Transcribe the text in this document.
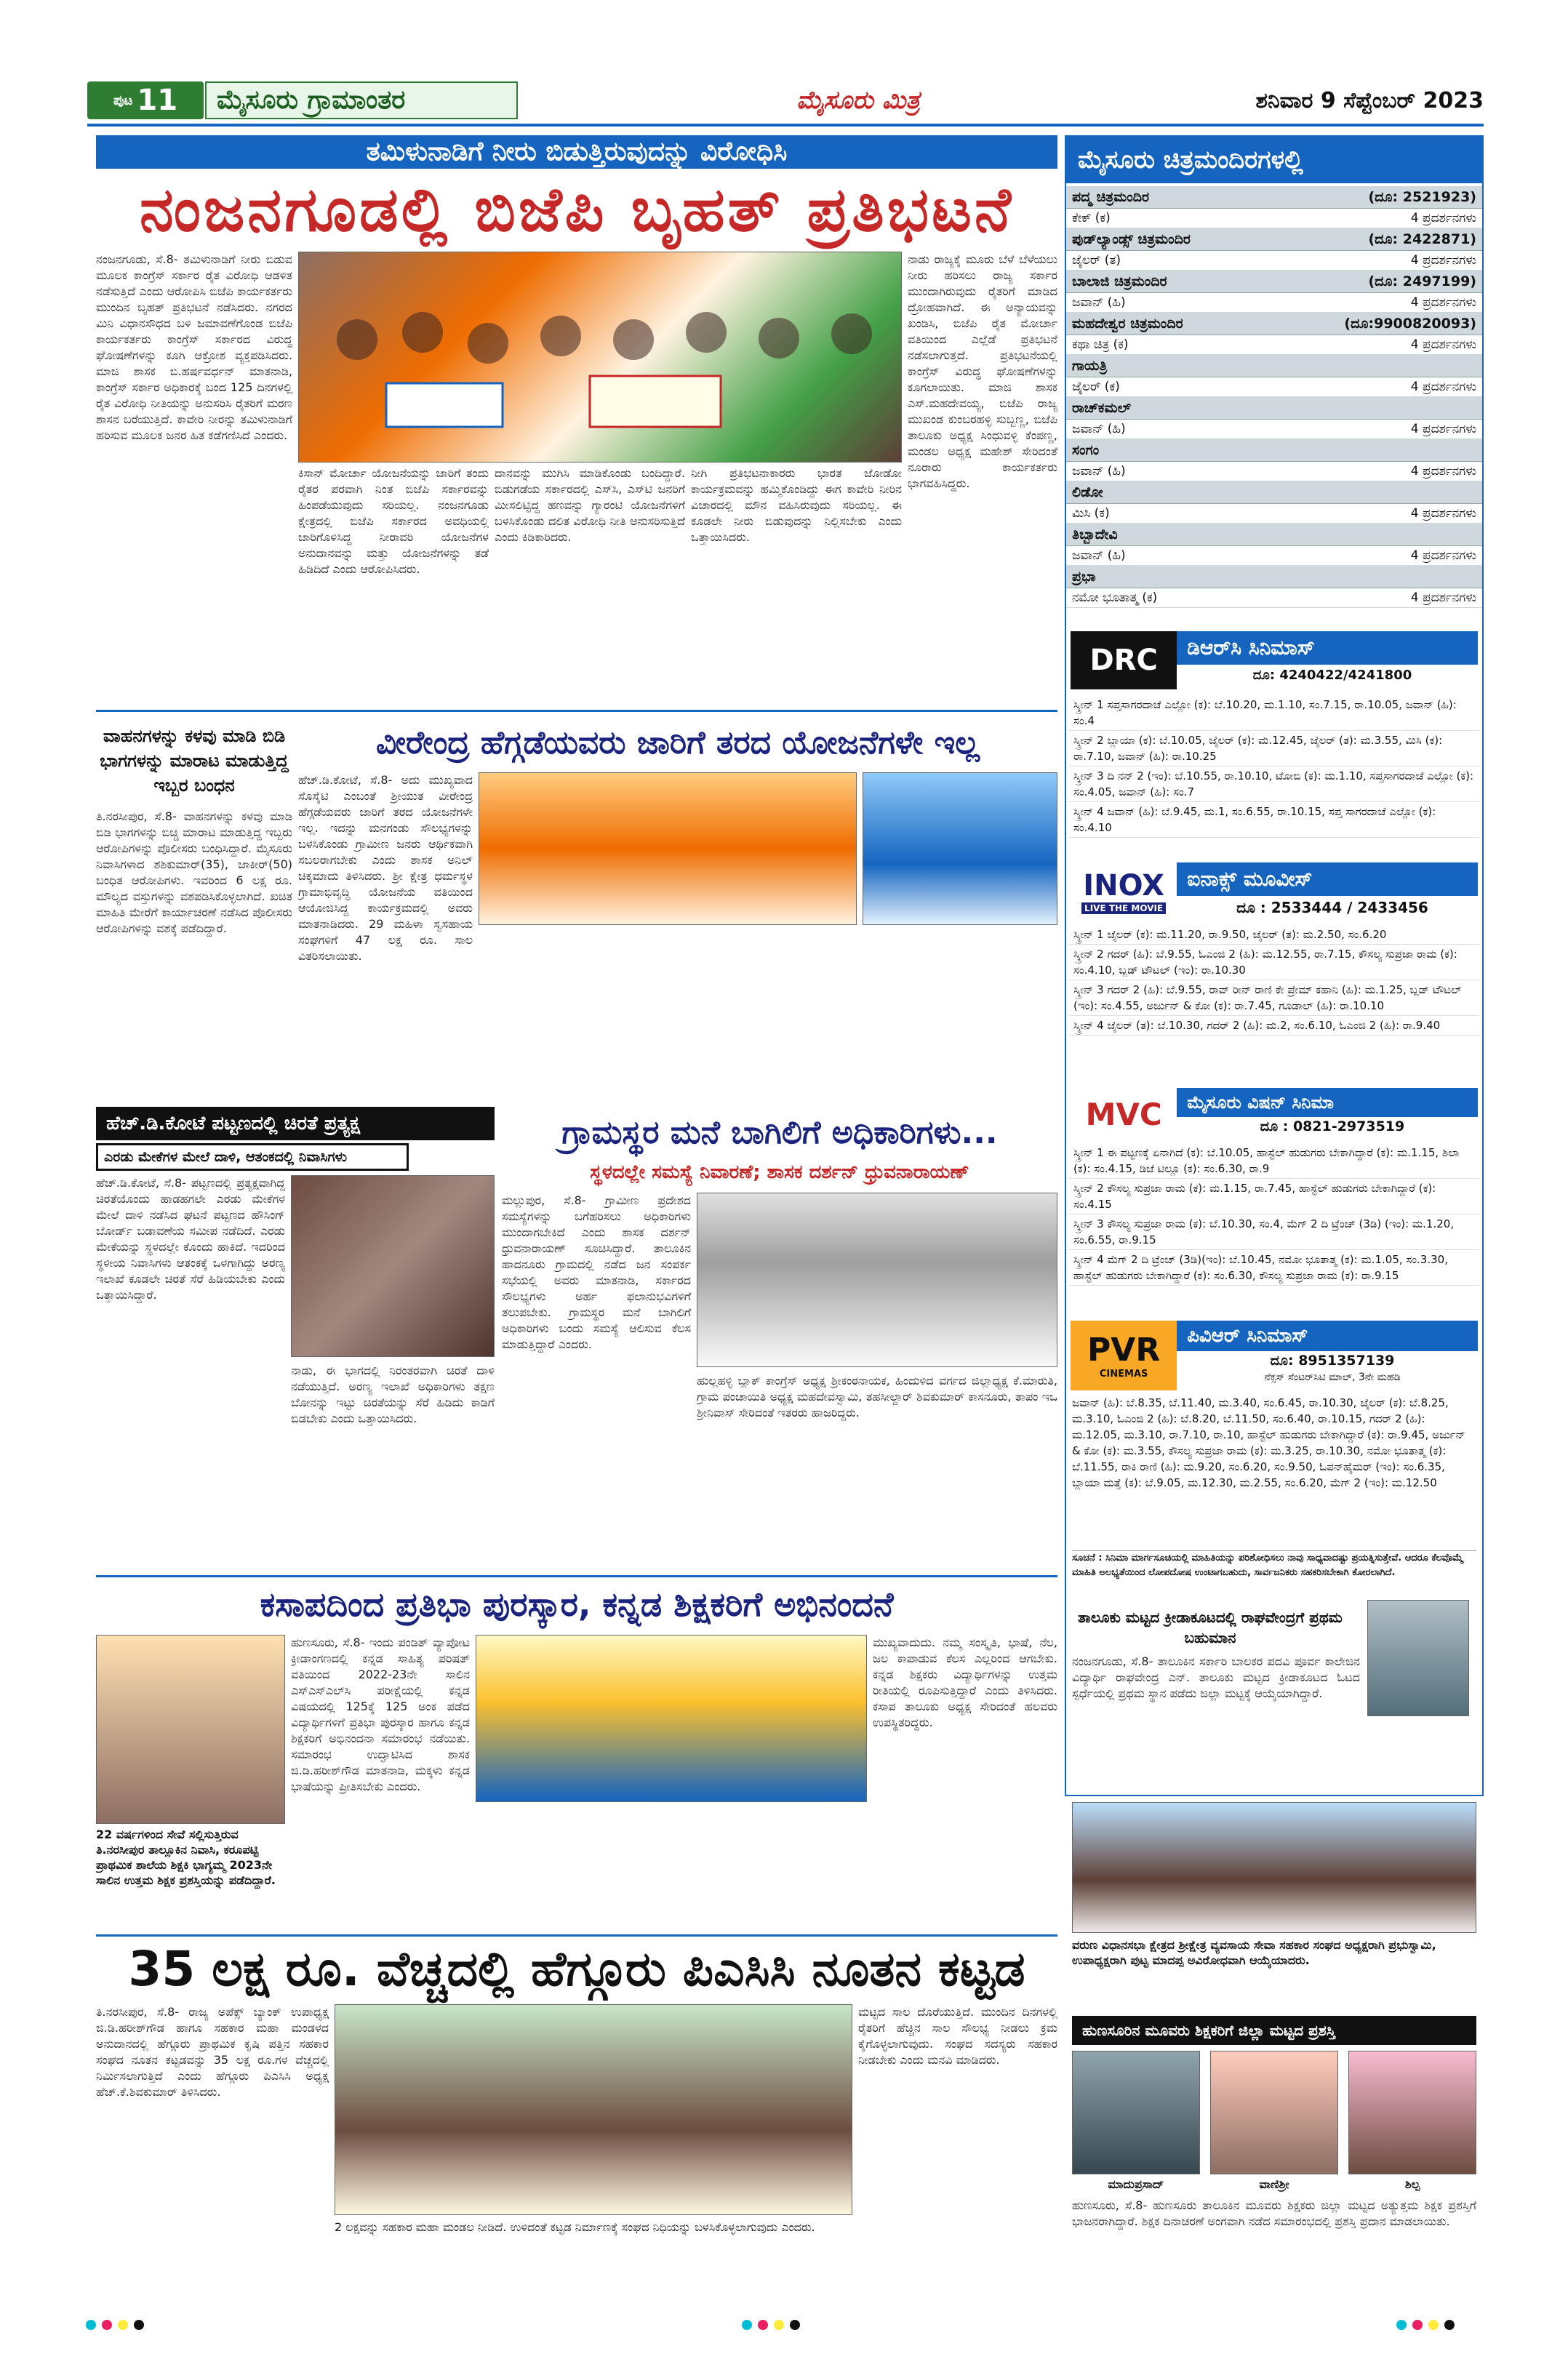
ಪುಟ 11	ಮೈಸೂರು ಗ್ರಾಮಾಂತರ	ಮೈಸೂರು ಮಿತ್ರ	ಶನಿವಾರ 9 ಸೆಪ್ಟೆಂಬರ್ 2023
ತಮಿಳುನಾಡಿಗೆ ನೀರು ಬಿಡುತ್ತಿರುವುದನ್ನು ವಿರೋಧಿಸಿ
ನಂಜನಗೂಡಲ್ಲಿ ಬಿಜೆಪಿ ಬೃಹತ್ ಪ್ರತಿಭಟನೆ
ನಂಜನಗೂಡು, ಸೆ.8- ತಮಿಳುನಾಡಿಗೆ ನೀರು ಬಿಡುವ ಮೂಲಕ ಕಾಂಗ್ರೆಸ್ ಸರ್ಕಾರ ರೈತ ವಿರೋಧಿ ಆಡಳಿತ ನಡೆಸುತ್ತಿದೆ ಎಂದು ಆರೋಪಿಸಿ ಬಿಜೆಪಿ ಕಾರ್ಯಕರ್ತರು ಮುಂದಿನ ಬೃಹತ್ ಪ್ರತಿಭಟನೆ ನಡೆಸಿದರು. ನಗರದ ಮಿನಿ ವಿಧಾನಸೌಧದ ಬಳಿ ಜಮಾವಣೆಗೊಂಡ ಬಿಜೆಪಿ ಕಾರ್ಯಕರ್ತರು ಕಾಂಗ್ರೆಸ್ ಸರ್ಕಾರದ ವಿರುದ್ಧ ಘೋಷಣೆಗಳನ್ನು ಕೂಗಿ ಆಕ್ರೋಶ ವ್ಯಕ್ತಪಡಿಸಿದರು. ಮಾಜಿ ಶಾಸಕ ಬಿ.ಹರ್ಷವರ್ಧನ್ ಮಾತನಾಡಿ, ಕಾಂಗ್ರೆಸ್ ಸರ್ಕಾರ ಅಧಿಕಾರಕ್ಕೆ ಬಂದ 125 ದಿನಗಳಲ್ಲಿ ರೈತ ವಿರೋಧಿ ನೀತಿಯನ್ನು ಅನುಸರಿಸಿ ರೈತರಿಗೆ ಮರಣ ಶಾಸನ ಬರೆಯುತ್ತಿದೆ. ಕಾವೇರಿ ನೀರನ್ನು ತಮಿಳುನಾಡಿಗೆ ಹರಿಸುವ ಮೂಲಕ ಜನರ ಹಿತ ಕಡೆಗಣಿಸಿದೆ ಎಂದರು.
ಕಿಸಾನ್ ಮೋರ್ಚಾ ಯೋಜನೆಯನ್ನು ಜಾರಿಗೆ ತಂದು ರೈತರ ಪರವಾಗಿ ನಿಂತ ಬಿಜೆಪಿ ಸರ್ಕಾರವನ್ನು ಹಿಂಪಡೆಯುವುದು ಸರಿಯಲ್ಲ. ನಂಜನಗೂಡು ಕ್ಷೇತ್ರದಲ್ಲಿ ಬಿಜೆಪಿ ಸರ್ಕಾರದ ಅವಧಿಯಲ್ಲಿ ಜಾರಿಗೊಳಿಸಿದ್ದ ನೀರಾವರಿ ಯೋಜನೆಗಳ ಅನುದಾನವನ್ನು ಮತ್ತು ಯೋಜನೆಗಳನ್ನು ತಡೆ ಹಿಡಿದಿದೆ ಎಂದು ಆರೋಪಿಸಿದರು.
ದಾನವನ್ನು ಮುಗಿಸಿ ಮಾಡಿಕೊಂಡು ಬಂದಿದ್ದಾರೆ. ಬಿಡುಗಡೆಯ ಸರ್ಕಾರದಲ್ಲಿ ಎಸ್‌ಸಿ, ಎಸ್‌ಟಿ ಜನರಿಗೆ ಮೀಸಲಿಟ್ಟಿದ್ದ ಹಣವನ್ನು ಗ್ಯಾರಂಟಿ ಯೋಜನೆಗಳಿಗೆ ಬಳಸಿಕೊಂಡು ದಲಿತ ವಿರೋಧಿ ನೀತಿ ಅನುಸರಿಸುತ್ತಿದೆ ಎಂದು ಕಿಡಿಕಾರಿದರು.
ನೀಗಿ ಪ್ರತಿಭಟನಾಕಾರರು ಭಾರತ ಜೋಡೋ ಕಾರ್ಯಕ್ರಮವನ್ನು ಹಮ್ಮಿಕೊಂಡಿದ್ದು ಈಗ ಕಾವೇರಿ ನೀರಿನ ವಿಚಾರದಲ್ಲಿ ಮೌನ ವಹಿಸಿರುವುದು ಸರಿಯಲ್ಲ. ಈ ಕೂಡಲೇ ನೀರು ಬಿಡುವುದನ್ನು ನಿಲ್ಲಿಸಬೇಕು ಎಂದು ಒತ್ತಾಯಿಸಿದರು.
ನಾಡು ರಾಜ್ಯಕ್ಕೆ ಮೂರು ಬೆಳೆ ಬೆಳೆಯಲು ನೀರು ಹರಿಸಲು ರಾಜ್ಯ ಸರ್ಕಾರ ಮುಂದಾಗಿರುವುದು ರೈತರಿಗೆ ಮಾಡಿದ ದ್ರೋಹವಾಗಿದೆ. ಈ ಅನ್ಯಾಯವನ್ನು ಖಂಡಿಸಿ, ಬಿಜೆಪಿ ರೈತ ಮೋರ್ಚಾ ವತಿಯಿಂದ ಎಲ್ಲೆಡೆ ಪ್ರತಿಭಟನೆ ನಡೆಸಲಾಗುತ್ತದೆ. ಪ್ರತಿಭಟನೆಯಲ್ಲಿ ಕಾಂಗ್ರೆಸ್ ವಿರುದ್ಧ ಘೋಷಣೆಗಳನ್ನು ಕೂಗಲಾಯಿತು. ಮಾಜಿ ಶಾಸಕ ಎಸ್.ಮಹದೇವಯ್ಯ, ಬಿಜೆಪಿ ರಾಜ್ಯ ಮುಖಂಡ ಕುಂಬರಹಳ್ಳಿ ಸುಬ್ಬಣ್ಣ, ಬಿಜೆಪಿ ತಾಲೂಕು ಅಧ್ಯಕ್ಷ ಸಿಂಧುವಳ್ಳಿ ಕೆಂಪಣ್ಣ, ಮಂಡಲ ಅಧ್ಯಕ್ಷ ಮಹೇಶ್ ಸೇರಿದಂತೆ ನೂರಾರು ಕಾರ್ಯಕರ್ತರು ಭಾಗವಹಿಸಿದ್ದರು.
ಮೈಸೂರು ಚಿತ್ರಮಂದಿರಗಳಲ್ಲಿ
ಪದ್ಮ ಚಿತ್ರಮಂದಿರ	(ದೂ: 2521923)
ಕೇಕ್ (ಕ)	4 ಪ್ರದರ್ಶನಗಳು
ಪುಡ್‌ಲ್ಯಾಂಡ್ಸ್ ಚಿತ್ರಮಂದಿರ	(ದೂ: 2422871)
ಜೈಲರ್ (ತ)	4 ಪ್ರದರ್ಶನಗಳು
ಬಾಲಾಜಿ ಚಿತ್ರಮಂದಿರ	(ದೂ: 2497199)
ಜವಾನ್ (ಹಿ)	4 ಪ್ರದರ್ಶನಗಳು
ಮಹದೇಶ್ವರ ಚಿತ್ರಮಂದಿರ	(ದೂ:9900820093)
ಕಥಾ ಚಿತ್ರ (ಕ)	4 ಪ್ರದರ್ಶನಗಳು
ಗಾಯತ್ರಿ
ಜೈಲರ್ (ಕ)	4 ಪ್ರದರ್ಶನಗಳು
ರಾಚ್‌ಕಮಲ್
ಜವಾನ್ (ಹಿ)	4 ಪ್ರದರ್ಶನಗಳು
ಸಂಗಂ
ಜವಾನ್ (ಹಿ)	4 ಪ್ರದರ್ಶನಗಳು
ಲಿಡೋ
ಮಿಸಿ (ಕ)	4 ಪ್ರದರ್ಶನಗಳು
ತಿಬ್ಬಾದೇವಿ
ಜವಾನ್ (ಹಿ)	4 ಪ್ರದರ್ಶನಗಳು
ಪ್ರಭಾ
ನಮೋ ಭೂತಾತ್ಮ (ಕ)	4 ಪ್ರದರ್ಶನಗಳು
DRC	ಡಿಆರ್‌ಸಿ ಸಿನಿಮಾಸ್
ದೂ: 4240422/4241800
ಸ್ಕ್ರೀನ್ 1 ಸಪ್ತಸಾಗರದಾಚೆ ಎಲ್ಲೋ (ಕ): ಬೆ.10.20, ಮ.1.10, ಸಂ.7.15, ರಾ.10.05, ಜವಾನ್ (ಹಿ): ಸಂ.4
ಸ್ಕ್ರೀನ್ 2 ಬ್ಲಾಯಾ (ಕ): ಬೆ.10.05, ಜೈಲರ್ (ಕ): ಮ.12.45, ಜೈಲರ್ (ತ): ಮ.3.55, ಮಿಸಿ (ಕ): ರಾ.7.10, ಜವಾನ್ (ಹಿ): ರಾ.10.25
ಸ್ಕ್ರೀನ್ 3 ದಿ ನನ್ 2 (ಇಂ): ಬೆ.10.55, ರಾ.10.10, ಟೋಬಿ (ಕ): ಮ.1.10, ಸಪ್ತಸಾಗರದಾಚೆ ಎಲ್ಲೋ (ಕ): ಸಂ.4.05, ಜವಾನ್ (ಹಿ): ಸಂ.7
ಸ್ಕ್ರೀನ್ 4 ಜವಾನ್ (ಹಿ): ಬೆ.9.45, ಮ.1, ಸಂ.6.55, ರಾ.10.15, ಸಪ್ತ ಸಾಗರದಾಚೆ ಎಲ್ಲೋ (ಕ): ಸಂ.4.10
INOX
LIVE THE MOVIE
ಐನಾಕ್ಸ್ ಮೂವೀಸ್
ದೂ : 2533444 / 2433456
ಸ್ಕ್ರೀನ್ 1 ಜೈಲರ್ (ಕ): ಮ.11.20, ರಾ.9.50, ಜೈಲರ್ (ತ): ಮ.2.50, ಸಂ.6.20
ಸ್ಕ್ರೀನ್ 2 ಗದರ್ (ಹಿ): ಬೆ.9.55, ಓಎಂಜಿ 2 (ಹಿ): ಮ.12.55, ರಾ.7.15, ಕೌಸಲ್ಯ ಸುಪ್ರಜಾ ರಾಮ (ಕ): ಸಂ.4.10, ಬ್ಲಡ್ ಟೌಟಲ್ (ಇಂ): ರಾ.10.30
ಸ್ಕ್ರೀನ್ 3 ಗದರ್ 2 (ಹಿ): ಬೆ.9.55, ರಾವ್ ರೀನ್ ರಾಣಿ ಕೇ ಪ್ರೇಮ್ ಕಹಾನಿ (ಹಿ): ಮ.1.25, ಬ್ಲಡ್ ಟೌಟಲ್ (ಇಂ): ಸಂ.4.55, ಅರ್ಜುನ್ & ಕೋ (ಕ): ರಾ.7.45, ಗೂಡಾಲ್ (ಹಿ): ರಾ.10.10
ಸ್ಕ್ರೀನ್ 4 ಜೈಲರ್ (ತ): ಬೆ.10.30, ಗದರ್ 2 (ಹಿ): ಮ.2, ಸಂ.6.10, ಓಎಂಜಿ 2 (ಹಿ): ರಾ.9.40
MVC	ಮೈಸೂರು ವಿಷನ್ ಸಿನಿಮಾ
ದೂ : 0821-2973519
ಸ್ಕ್ರೀನ್ 1 ಈ ಪಟ್ಟಣಕ್ಕೆ ಏನಾಗಿದೆ (ಕ): ಬೆ.10.05, ಹಾಸ್ಟೆಲ್ ಹುಡುಗರು ಬೇಕಾಗಿದ್ದಾರೆ (ಕ): ಮ.1.15, ಶಿಲಾ (ಕ): ಸಂ.4.15, ಡಿಜೆ ಟಿಲ್ಲೂ (ಕ): ಸಂ.6.30, ರಾ.9
ಸ್ಕ್ರೀನ್ 2 ಕೌಸಲ್ಯ ಸುಪ್ರಜಾ ರಾಮ (ಕ): ಮ.1.15, ರಾ.7.45, ಹಾಸ್ಟೆಲ್ ಹುಡುಗರು ಬೇಕಾಗಿದ್ದಾರೆ (ಕ): ಸಂ.4.15
ಸ್ಕ್ರೀನ್ 3 ಕೌಸಲ್ಯ ಸುಪ್ರಜಾ ರಾಮ (ಕ): ಬೆ.10.30, ಸಂ.4, ಮೆಗ್ 2 ದಿ ಟ್ರೆಂಚ್ (3ಡಿ) (ಇಂ): ಮ.1.20, ಸಂ.6.55, ರಾ.9.15
ಸ್ಕ್ರೀನ್ 4 ಮೆಗ್ 2 ದಿ ಟ್ರೆಂಚ್ (3ಡಿ)(ಇಂ): ಬೆ.10.45, ನಮೋ ಭೂತಾತ್ಮ (ಕ): ಮ.1.05, ಸಂ.3.30, ಹಾಸ್ಟೆಲ್ ಹುಡುಗರು ಬೇಕಾಗಿದ್ದಾರೆ (ಕ): ಸಂ.6.30, ಕೌಸಲ್ಯ ಸುಪ್ರಜಾ ರಾಮ (ಕ): ರಾ.9.15
PVR
CINEMAS
ಪಿವಿಆರ್ ಸಿನಿಮಾಸ್
ದೂ: 8951357139
ನೆಕ್ಸಸ್ ಸೆಂಟರ್‌ಸಿಟಿ ಮಾಲ್, 3ನೇ ಮಹಡಿ
ಜವಾನ್ (ಹಿ): ಬೆ.8.35, ಬೆ.11.40, ಮ.3.40, ಸಂ.6.45, ರಾ.10.30, ಜೈಲರ್ (ಕ): ಬೆ.8.25, ಮ.3.10, ಓಎಂಜಿ 2 (ಹಿ): ಬೆ.8.20, ಬೆ.11.50, ಸಂ.6.40, ರಾ.10.15, ಗದರ್ 2 (ಹಿ): ಮ.12.05, ಮ.3.10, ರಾ.7.10, ರಾ.10, ಹಾಸ್ಟೆಲ್ ಹುಡುಗರು ಬೇಕಾಗಿದ್ದಾರೆ (ಕ): ರಾ.9.45, ಅರ್ಜುನ್ & ಕೋ (ಕ): ಮ.3.55, ಕೌಸಲ್ಯ ಸುಪ್ರಜಾ ರಾಮ (ಕ): ಮ.3.25, ರಾ.10.30, ನಮೋ ಭೂತಾತ್ಮ (ಕ): ಬೆ.11.55, ರಾಕಿ ರಾಣಿ (ಹಿ): ಮ.9.20, ಸಂ.6.20, ಸಂ.9.50, ಓಪನ್‌ಹೈಮರ್ (ಇಂ): ಸಂ.6.35, ಬ್ಲಾಯಾ ಮತ್ತೆ (ಕ): ಬೆ.9.05, ಮ.12.30, ಮ.2.55, ಸಂ.6.20, ಮೆಗ್ 2 (ಇಂ): ಮ.12.50
ಸೂಚನೆ : ಸಿನಿಮಾ ಮಾರ್ಗಸೂಚಿಯಲ್ಲಿ ಮಾಹಿತಿಯನ್ನು ಪರಿಶೋಧಿಸಲು ನಾವು ಸಾಧ್ಯವಾದಷ್ಟು ಪ್ರಯತ್ನಿಸುತ್ತೇವೆ. ಆದರೂ ಕೆಲವೊಮ್ಮೆ ಮಾಹಿತಿ ಅಲಭ್ಯತೆಯಿಂದ ಲೋಪದೋಷ ಉಂಟಾಗಬಹುದು, ಸಾರ್ವಜನಿಕರು ಸಹಕರಿಸಬೇಕಾಗಿ ಕೋರಲಾಗಿದೆ.
ತಾಲೂಕು ಮಟ್ಟದ ಕ್ರೀಡಾಕೂಟದಲ್ಲಿ ರಾಘವೇಂದ್ರಗೆ ಪ್ರಥಮ ಬಹುಮಾನ
ನಂಜನಗೂಡು, ಸೆ.8- ತಾಲೂಕಿನ ಸರ್ಕಾರಿ ಬಾಲಕರ ಪದವಿ ಪೂರ್ವ ಕಾಲೇಜಿನ ವಿದ್ಯಾರ್ಥಿ ರಾಘವೇಂದ್ರ ಎನ್. ತಾಲೂಕು ಮಟ್ಟದ ಕ್ರೀಡಾಕೂಟದ ಓಟದ ಸ್ಪರ್ಧೆಯಲ್ಲಿ ಪ್ರಥಮ ಸ್ಥಾನ ಪಡೆದು ಜಿಲ್ಲಾ ಮಟ್ಟಕ್ಕೆ ಆಯ್ಕೆಯಾಗಿದ್ದಾರೆ.
ವಾಹನಗಳನ್ನು ಕಳವು ಮಾಡಿ ಬಿಡಿ ಭಾಗಗಳನ್ನು ಮಾರಾಟ ಮಾಡುತ್ತಿದ್ದ ಇಬ್ಬರ ಬಂಧನ
ತಿ.ನರಸೀಪುರ, ಸೆ.8- ವಾಹನಗಳನ್ನು ಕಳವು ಮಾಡಿ ಬಿಡಿ ಭಾಗಗಳನ್ನು ಬಿಚ್ಚಿ ಮಾರಾಟ ಮಾಡುತ್ತಿದ್ದ ಇಬ್ಬರು ಆರೋಪಿಗಳನ್ನು ಪೊಲೀಸರು ಬಂಧಿಸಿದ್ದಾರೆ. ಮೈಸೂರು ನಿವಾಸಿಗಳಾದ ಶಶಿಕುಮಾರ್(35), ಜಾಕೀರ್(50) ಬಂಧಿತ ಆರೋಪಿಗಳು. ಇವರಿಂದ 6 ಲಕ್ಷ ರೂ. ಮೌಲ್ಯದ ವಸ್ತುಗಳನ್ನು ವಶಪಡಿಸಿಕೊಳ್ಳಲಾಗಿದೆ. ಖಚಿತ ಮಾಹಿತಿ ಮೇರೆಗೆ ಕಾರ್ಯಾಚರಣೆ ನಡೆಸಿದ ಪೊಲೀಸರು ಆರೋಪಿಗಳನ್ನು ವಶಕ್ಕೆ ಪಡೆದಿದ್ದಾರೆ.
ವೀರೇಂದ್ರ ಹೆಗ್ಗಡೆಯವರು ಜಾರಿಗೆ ತರದ ಯೋಜನೆಗಳೇ ಇಲ್ಲ
ಹೆಚ್.ಡಿ.ಕೋಟೆ, ಸೆ.8- ಅದು ಮುಖ್ಯವಾದ ಸೊಸೈಟಿ ಎಂಬಂತೆ ಶ್ರೀಯುತ ವೀರೇಂದ್ರ ಹೆಗ್ಗಡೆಯವರು ಜಾರಿಗೆ ತರದ ಯೋಜನೆಗಳೇ ಇಲ್ಲ. ಇದನ್ನು ಮನಗಂಡು ಸೌಲಭ್ಯಗಳನ್ನು ಬಳಸಿಕೊಂಡು ಗ್ರಾಮೀಣ ಜನರು ಆರ್ಥಿಕವಾಗಿ ಸಬಲರಾಗಬೇಕು ಎಂದು ಶಾಸಕ ಅನಿಲ್ ಚಿಕ್ಕಮಾದು ತಿಳಿಸಿದರು. ಶ್ರೀ ಕ್ಷೇತ್ರ ಧರ್ಮಸ್ಥಳ ಗ್ರಾಮಾಭಿವೃದ್ಧಿ ಯೋಜನೆಯ ವತಿಯಿಂದ ಆಯೋಜಿಸಿದ್ದ ಕಾರ್ಯಕ್ರಮದಲ್ಲಿ ಅವರು ಮಾತನಾಡಿದರು. 29 ಮಹಿಳಾ ಸ್ವಸಹಾಯ ಸಂಘಗಳಿಗೆ 47 ಲಕ್ಷ ರೂ. ಸಾಲ ವಿತರಿಸಲಾಯಿತು.
ಹೆಚ್.ಡಿ.ಕೋಟೆ ಪಟ್ಟಣದಲ್ಲಿ ಚಿರತೆ ಪ್ರತ್ಯಕ್ಷ
ಎರಡು ಮೇಕೆಗಳ ಮೇಲೆ ದಾಳಿ, ಆತಂಕದಲ್ಲಿ ನಿವಾಸಿಗಳು
ಹೆಚ್.ಡಿ.ಕೋಟೆ, ಸೆ.8- ಪಟ್ಟಣದಲ್ಲಿ ಪ್ರತ್ಯಕ್ಷವಾಗಿದ್ದ ಚಿರತೆಯೊಂದು ಹಾಡಹಗಲೇ ಎರಡು ಮೇಕೆಗಳ ಮೇಲೆ ದಾಳಿ ನಡೆಸಿದ ಘಟನೆ ಪಟ್ಟಣದ ಹೌಸಿಂಗ್ ಬೋರ್ಡ್ ಬಡಾವಣೆಯ ಸಮೀಪ ನಡೆದಿದೆ. ಎರಡು ಮೇಕೆಯನ್ನು ಸ್ಥಳದಲ್ಲೇ ಕೊಂದು ಹಾಕಿದೆ. ಇದರಿಂದ ಸ್ಥಳೀಯ ನಿವಾಸಿಗಳು ಆತಂಕಕ್ಕೆ ಒಳಗಾಗಿದ್ದು ಅರಣ್ಯ ಇಲಾಖೆ ಕೂಡಲೇ ಚಿರತೆ ಸೆರೆ ಹಿಡಿಯಬೇಕು ಎಂದು ಒತ್ತಾಯಿಸಿದ್ದಾರೆ.
ನಾಡು, ಈ ಭಾಗದಲ್ಲಿ ನಿರಂತರವಾಗಿ ಚಿರತೆ ದಾಳಿ ನಡೆಯುತ್ತಿದೆ. ಅರಣ್ಯ ಇಲಾಖೆ ಅಧಿಕಾರಿಗಳು ತಕ್ಷಣ ಬೋನನ್ನು ಇಟ್ಟು ಚಿರತೆಯನ್ನು ಸೆರೆ ಹಿಡಿದು ಕಾಡಿಗೆ ಬಿಡಬೇಕು ಎಂದು ಒತ್ತಾಯಿಸಿದರು.
ಗ್ರಾಮಸ್ಥರ ಮನೆ ಬಾಗಿಲಿಗೆ ಅಧಿಕಾರಿಗಳು...
ಸ್ಥಳದಲ್ಲೇ ಸಮಸ್ಯೆ ನಿವಾರಣೆ; ಶಾಸಕ ದರ್ಶನ್ ಧ್ರುವನಾರಾಯಣ್
ಮಲ್ಲುಪುರ, ಸೆ.8- ಗ್ರಾಮೀಣ ಪ್ರದೇಶದ ಸಮಸ್ಯೆಗಳನ್ನು ಬಗೆಹರಿಸಲು ಅಧಿಕಾರಿಗಳು ಮುಂದಾಗಬೇಕಿದೆ ಎಂದು ಶಾಸಕ ದರ್ಶನ್ ಧ್ರುವನಾರಾಯಣ್ ಸೂಚಿಸಿದ್ದಾರೆ. ತಾಲೂಕಿನ ಹಾದನೂರು ಗ್ರಾಮದಲ್ಲಿ ನಡೆದ ಜನ ಸಂಪರ್ಕ ಸಭೆಯಲ್ಲಿ ಅವರು ಮಾತನಾಡಿ, ಸರ್ಕಾರದ ಸೌಲಭ್ಯಗಳು ಅರ್ಹ ಫಲಾನುಭವಿಗಳಿಗೆ ತಲುಪಬೇಕು. ಗ್ರಾಮಸ್ಥರ ಮನೆ ಬಾಗಿಲಿಗೆ ಅಧಿಕಾರಿಗಳು ಬಂದು ಸಮಸ್ಯೆ ಆಲಿಸುವ ಕೆಲಸ ಮಾಡುತ್ತಿದ್ದಾರೆ ಎಂದರು.
ಹುಲ್ಲಹಳ್ಳಿ ಬ್ಲಾಕ್ ಕಾಂಗ್ರೆಸ್ ಅಧ್ಯಕ್ಷ ಶ್ರೀಕಂಠನಾಯಕ, ಹಿಂದುಳಿದ ವರ್ಗದ ಜಿಲ್ಲಾಧ್ಯಕ್ಷ ಕೆ.ಮಾರುತಿ, ಗ್ರಾಮ ಪಂಚಾಯಿತಿ ಅಧ್ಯಕ್ಷ ಮಹದೇವಸ್ವಾಮಿ, ತಹಸೀಲ್ದಾರ್ ಶಿವಕುಮಾರ್ ಕಾಸನೂರು, ತಾಪಂ ಇಒ ಶ್ರೀನಿವಾಸ್ ಸೇರಿದಂತೆ ಇತರರು ಹಾಜರಿದ್ದರು.
ಕಸಾಪದಿಂದ ಪ್ರತಿಭಾ ಪುರಸ್ಕಾರ, ಕನ್ನಡ ಶಿಕ್ಷಕರಿಗೆ ಅಭಿನಂದನೆ
22 ವರ್ಷಗಳಿಂದ ಸೇವೆ ಸಲ್ಲಿಸುತ್ತಿರುವ ತಿ.ನರಸೀಪುರ ತಾಲ್ಲೂಕಿನ ನಿವಾಸಿ, ಕರೂಪಟ್ಟಿ ಪ್ರಾಥಮಿಕ ಶಾಲೆಯ ಶಿಕ್ಷಕಿ ಭಾಗ್ಯಮ್ಮ 2023ನೇ ಸಾಲಿನ ಉತ್ತಮ ಶಿಕ್ಷಕ ಪ್ರಶಸ್ತಿಯನ್ನು ಪಡೆದಿದ್ದಾರೆ.
ಹುಣಸೂರು, ಸೆ.8- ಇಂದು ಪಂಡಿತ್ ವ್ಯಾಪೋಟ ಕ್ರೀಡಾಂಗಣದಲ್ಲಿ ಕನ್ನಡ ಸಾಹಿತ್ಯ ಪರಿಷತ್ ವತಿಯಿಂದ 2022-23ನೇ ಸಾಲಿನ ಎಸ್‌ಎಸ್‌ಎಲ್‌ಸಿ ಪರೀಕ್ಷೆಯಲ್ಲಿ ಕನ್ನಡ ವಿಷಯದಲ್ಲಿ 125ಕ್ಕೆ 125 ಅಂಕ ಪಡೆದ ವಿದ್ಯಾರ್ಥಿಗಳಿಗೆ ಪ್ರತಿಭಾ ಪುರಸ್ಕಾರ ಹಾಗೂ ಕನ್ನಡ ಶಿಕ್ಷಕರಿಗೆ ಅಭಿನಂದನಾ ಸಮಾರಂಭ ನಡೆಯಿತು. ಸಮಾರಂಭ ಉದ್ಘಾಟಿಸಿದ ಶಾಸಕ ಜಿ.ಡಿ.ಹರೀಶ್‌ಗೌಡ ಮಾತನಾಡಿ, ಮಕ್ಕಳು ಕನ್ನಡ ಭಾಷೆಯನ್ನು ಪ್ರೀತಿಸಬೇಕು ಎಂದರು.
ಮುಖ್ಯವಾದುದು. ನಮ್ಮ ಸಂಸ್ಕೃತಿ, ಭಾಷೆ, ನೆಲ, ಜಲ ಕಾಪಾಡುವ ಕೆಲಸ ಎಲ್ಲರಿಂದ ಆಗಬೇಕು. ಕನ್ನಡ ಶಿಕ್ಷಕರು ವಿದ್ಯಾರ್ಥಿಗಳನ್ನು ಉತ್ತಮ ರೀತಿಯಲ್ಲಿ ರೂಪಿಸುತ್ತಿದ್ದಾರೆ ಎಂದು ತಿಳಿಸಿದರು. ಕಸಾಪ ತಾಲೂಕು ಅಧ್ಯಕ್ಷ ಸೇರಿದಂತೆ ಹಲವರು ಉಪಸ್ಥಿತರಿದ್ದರು.
ವರುಣ ವಿಧಾನಸಭಾ ಕ್ಷೇತ್ರದ ಶ್ರೀಕ್ಷೇತ್ರ ವ್ಯವಸಾಯ ಸೇವಾ ಸಹಕಾರ ಸಂಘದ ಅಧ್ಯಕ್ಷರಾಗಿ ಪ್ರಭುಸ್ವಾಮಿ, ಉಪಾಧ್ಯಕ್ಷರಾಗಿ ಪುಟ್ಟ ಮಾದಪ್ಪ ಅವಿರೋಧವಾಗಿ ಆಯ್ಕೆಯಾದರು.
35 ಲಕ್ಷ ರೂ. ವೆಚ್ಚದಲ್ಲಿ ಹೆಗ್ಗೂರು ಪಿಎಸಿಸಿ ನೂತನ ಕಟ್ಟಡ
ತಿ.ನರಸೀಪುರ, ಸೆ.8- ರಾಜ್ಯ ಅಪೆಕ್ಸ್ ಬ್ಯಾಂಕ್ ಉಪಾಧ್ಯಕ್ಷ ಜಿ.ಡಿ.ಹರೀಶ್‌ಗೌಡ ಹಾಗೂ ಸಹಕಾರ ಮಹಾ ಮಂಡಳದ ಅನುದಾನದಲ್ಲಿ ಹೆಗ್ಗೂರು ಪ್ರಾಥಮಿಕ ಕೃಷಿ ಪತ್ತಿನ ಸಹಕಾರ ಸಂಘದ ನೂತನ ಕಟ್ಟಡವನ್ನು 35 ಲಕ್ಷ ರೂ.ಗಳ ವೆಚ್ಚದಲ್ಲಿ ನಿರ್ಮಿಸಲಾಗುತ್ತಿದೆ ಎಂದು ಹೆಗ್ಗೂರು ಪಿಎಸಿಸಿ ಅಧ್ಯಕ್ಷ ಹೆಚ್.ಕೆ.ಶಿವಕುಮಾರ್ ತಿಳಿಸಿದರು.
2 ಲಕ್ಷವನ್ನು ಸಹಕಾರ ಮಹಾ ಮಂಡಲ ನೀಡಿದೆ. ಉಳಿದಂತೆ ಕಟ್ಟಡ ನಿರ್ಮಾಣಕ್ಕೆ ಸಂಘದ ನಿಧಿಯನ್ನು ಬಳಸಿಕೊಳ್ಳಲಾಗುವುದು ಎಂದರು.
ಮಟ್ಟದ ಸಾಲ ದೊರೆಯುತ್ತಿದೆ. ಮುಂದಿನ ದಿನಗಳಲ್ಲಿ ರೈತರಿಗೆ ಹೆಚ್ಚಿನ ಸಾಲ ಸೌಲಭ್ಯ ನೀಡಲು ಕ್ರಮ ಕೈಗೊಳ್ಳಲಾಗುವುದು. ಸಂಘದ ಸದಸ್ಯರು ಸಹಕಾರ ನೀಡಬೇಕು ಎಂದು ಮನವಿ ಮಾಡಿದರು.
ಹುಣಸೂರಿನ ಮೂವರು ಶಿಕ್ಷಕರಿಗೆ ಜಿಲ್ಲಾ ಮಟ್ಟದ ಪ್ರಶಸ್ತಿ
ಮಾದುಪ್ರಸಾದ್	ವಾಣಿಶ್ರೀ	ಶಿಲ್ಪ
ಹುಣಸೂರು, ಸೆ.8- ಹುಣಸೂರು ತಾಲೂಕಿನ ಮೂವರು ಶಿಕ್ಷಕರು ಜಿಲ್ಲಾ ಮಟ್ಟದ ಅತ್ಯುತ್ತಮ ಶಿಕ್ಷಕ ಪ್ರಶಸ್ತಿಗೆ ಭಾಜನರಾಗಿದ್ದಾರೆ. ಶಿಕ್ಷಕ ದಿನಾಚರಣೆ ಅಂಗವಾಗಿ ನಡೆದ ಸಮಾರಂಭದಲ್ಲಿ ಪ್ರಶಸ್ತಿ ಪ್ರದಾನ ಮಾಡಲಾಯಿತು.
